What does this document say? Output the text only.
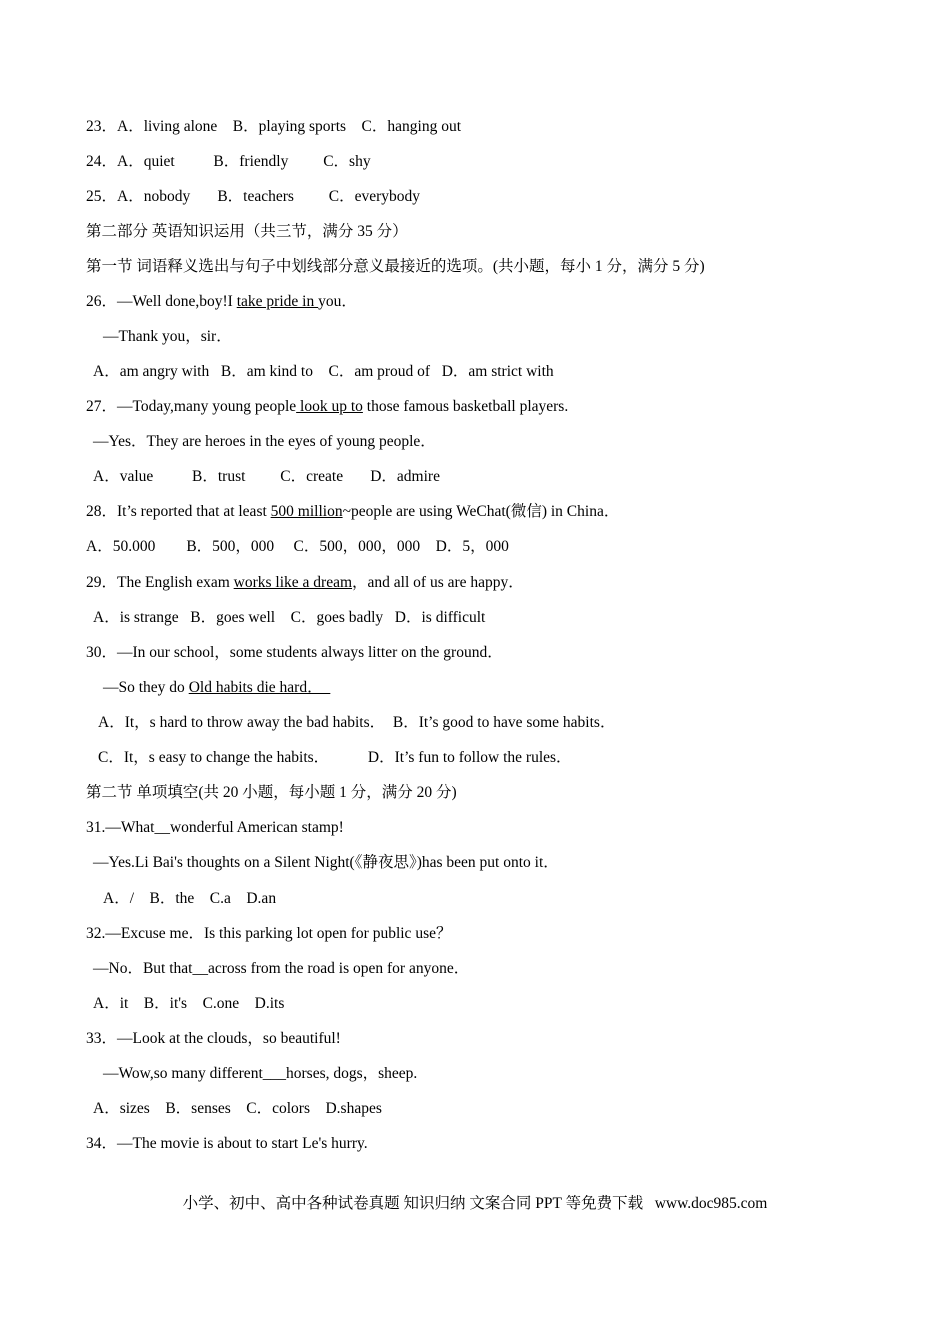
23．A．living alone    B．playing sports    C．hanging out
24．A．quiet          B．friendly         C．shy
25．A．nobody       B．teachers         C．everybody
第二部分 英语知识运用（共三节，满分 35 分）
第一节 词语释义选出与句子中划线部分意义最接近的选项。(共小题，每小 1 分，满分 5 分)
26．—Well done,boy!I take pride in you．
—Thank you，sir．
A．am angry with   B．am kind to    C．am proud of   D．am strict with
27．—Today,many young people look up to those famous basketball players.
—Yes．They are heroes in the eyes of young people．
A．value          B．trust         C．create       D．admire
28．It’s reported that at least 500 million~people are using WeChat(微信) in China．
A．50.000        B．500，000     C．500，000，000    D．5，000
29．The English exam works like a dream，and all of us are happy．
A．is strange   B．goes well    C．goes badly   D．is difficult
30．—In our school，some students always litter on the ground．
—So they do Old habits die hard．
A．It，s hard to throw away the bad habits．  B．It’s good to have some habits．
C．It，s easy to change the habits．          D．It’s fun to follow the rules．
第二节 单项填空(共 20 小题，每小题 1 分，满分 20 分)
31.—What__wonderful American stamp!
—Yes.Li Bai's thoughts on a Silent Night(《静夜思》)has been put onto it．
A．/    B．the    C.a    D.an
32.—Excuse me．Is this parking lot open for public use？
—No．But that__across from the road is open for anyone．
A．it    B．it's    C.one    D.its
33．—Look at the clouds，so beautiful!
—Wow,so many different___horses, dogs，sheep.
A．sizes    B．senses    C．colors    D.shapes
34．—The movie is about to start Le's hurry.
小学、初中、高中各种试卷真题 知识归纳 文案合同 PPT 等免费下载   www.doc985.com
